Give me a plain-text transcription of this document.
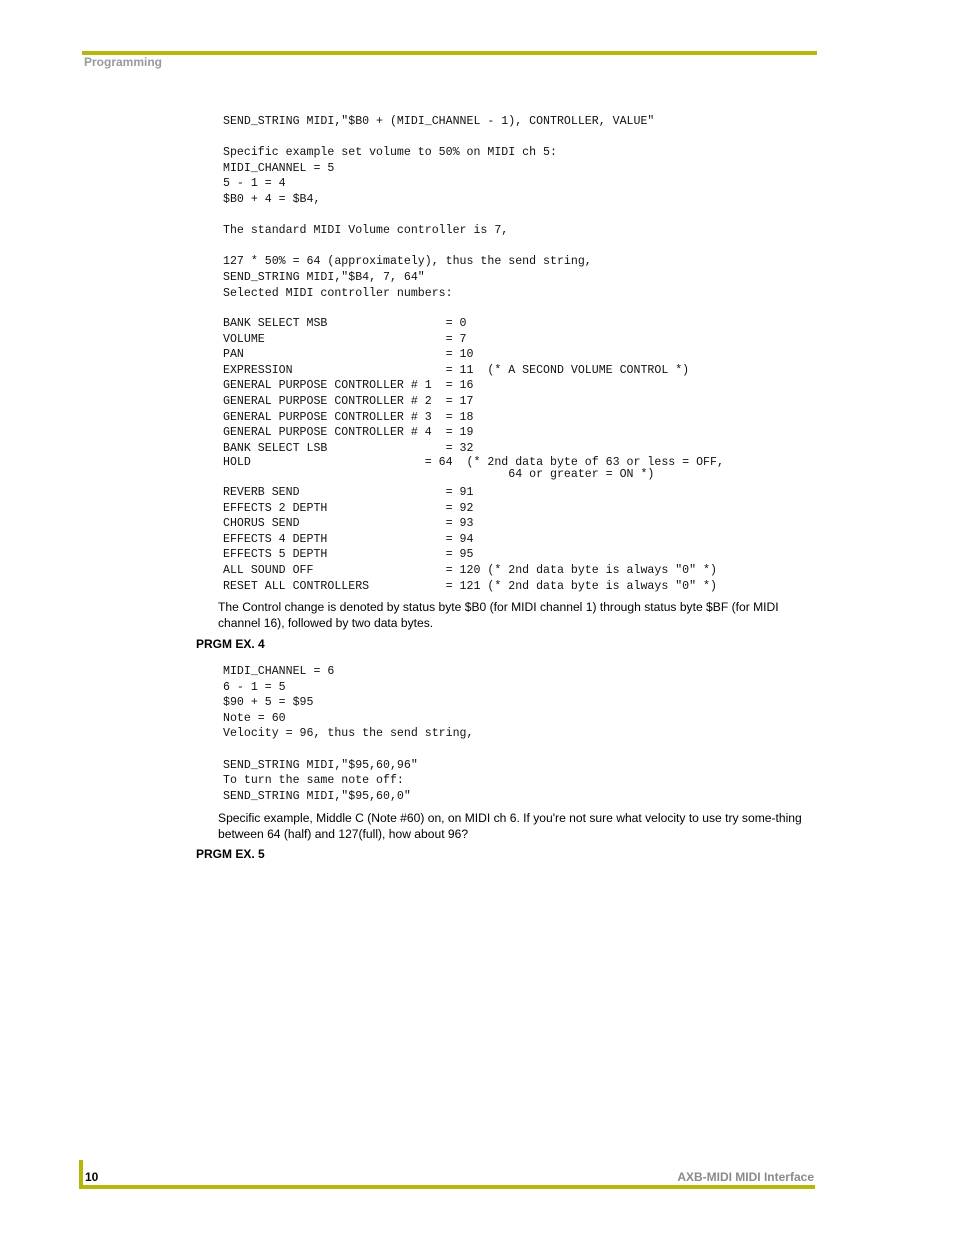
Programming
SEND_STRING MIDI,"$B0 + (MIDI_CHANNEL - 1), CONTROLLER, VALUE"

Specific example set volume to 50% on MIDI ch 5:
MIDI_CHANNEL = 5
5 - 1 = 4
$B0 + 4 = $B4,

The standard MIDI Volume controller is 7,

127 * 50% = 64 (approximately), thus the send string,
SEND_STRING MIDI,"$B4, 7, 64"
Selected MIDI controller numbers:
BANK SELECT MSB                 = 0
VOLUME                          = 7
PAN                             = 10
EXPRESSION                      = 11  (* A SECOND VOLUME CONTROL *)
GENERAL PURPOSE CONTROLLER # 1  = 16
GENERAL PURPOSE CONTROLLER # 2  = 17
GENERAL PURPOSE CONTROLLER # 3  = 18
GENERAL PURPOSE CONTROLLER # 4  = 19
BANK SELECT LSB                 = 32
HOLD                         = 64  (* 2nd data byte of 63 or less = OFF,
64 or greater = ON *)
REVERB SEND                     = 91
EFFECTS 2 DEPTH                 = 92
CHORUS SEND                     = 93
EFFECTS 4 DEPTH                 = 94
EFFECTS 5 DEPTH                 = 95
ALL SOUND OFF                   = 120 (* 2nd data byte is always "0" *)
RESET ALL CONTROLLERS           = 121 (* 2nd data byte is always "0" *)

The Control change is denoted by status byte $B0 (for MIDI channel 1) through status byte $BF (for MIDI channel 16), followed by two data bytes.

PRGM EX. 4
MIDI_CHANNEL = 6
6 - 1 = 5
$90 + 5 = $95
Note = 60
Velocity = 96, thus the send string,

SEND_STRING MIDI,"$95,60,96"
To turn the same note off:
SEND_STRING MIDI,"$95,60,0"

Specific example, Middle C (Note #60) on, on MIDI ch 6. If you're not sure what velocity to use try some-thing between 64 (half) and 127(full), how about 96?

PRGM EX. 5
10	AXB-MIDI MIDI Interface
